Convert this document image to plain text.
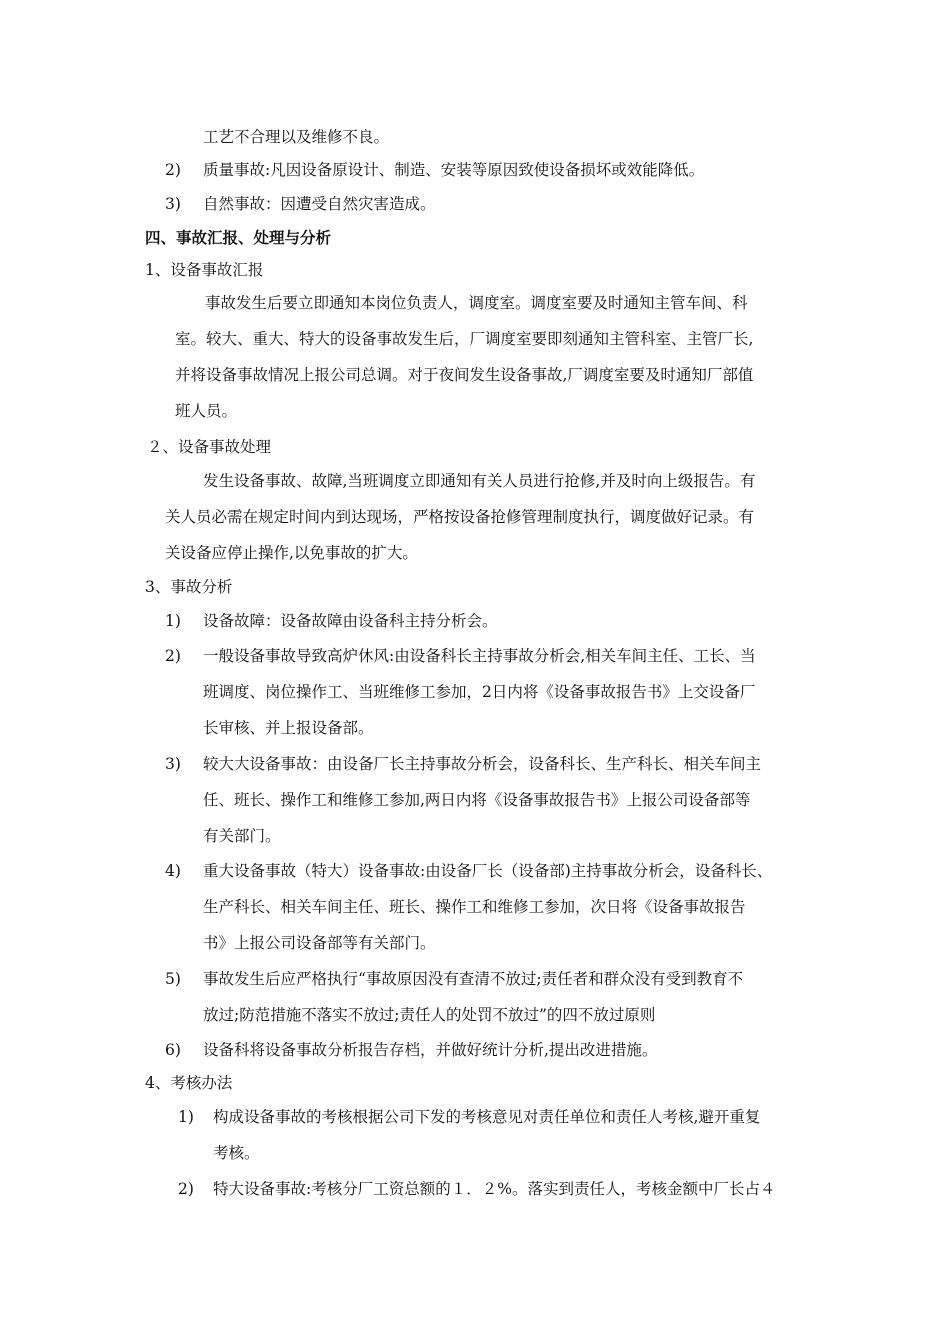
工艺不合理以及维修不良。
2) 质量事故:凡因设备原设计、制造、安装等原因致使设备损坏或效能降低。
3) 自然事故：因遭受自然灾害造成。
四、事故汇报、处理与分析
1、设备事故汇报
事故发生后要立即通知本岗位负责人，调度室。调度室要及时通知主管车间、科
室。较大、重大、特大的设备事故发生后，厂调度室要即刻通知主管科室、主管厂长,
并将设备事故情况上报公司总调。对于夜间发生设备事故,厂调度室要及时通知厂部值
班人员。
２、设备事故处理
发生设备事故、故障,当班调度立即通知有关人员进行抢修,并及时向上级报告。有
关人员必需在规定时间内到达现场，严格按设备抢修管理制度执行，调度做好记录。有
关设备应停止操作,以免事故的扩大。
3、事故分析
1) 设备故障：设备故障由设备科主持分析会。
2) 一般设备事故导致高炉休风:由设备科长主持事故分析会,相关车间主任、工长、当
班调度、岗位操作工、当班维修工参加，2日内将《设备事故报告书》上交设备厂
长审核、并上报设备部。
3) 较大大设备事故：由设备厂长主持事故分析会，设备科长、生产科长、相关车间主
任、班长、操作工和维修工参加,两日内将《设备事故报告书》上报公司设备部等
有关部门。
4) 重大设备事故（特大）设备事故:由设备厂长（设备部)主持事故分析会，设备科长、
生产科长、相关车间主任、班长、操作工和维修工参加，次日将《设备事故报告
书》上报公司设备部等有关部门。
5) 事故发生后应严格执行“事故原因没有查清不放过;责任者和群众没有受到教育不
放过;防范措施不落实不放过;责任人的处罚不放过”的四不放过原则
6) 设备科将设备事故分析报告存档，并做好统计分析,提出改进措施。
4、考核办法
1) 构成设备事故的考核根据公司下发的考核意见对责任单位和责任人考核,避开重复
考核。
2) 特大设备事故:考核分厂工资总额的１．２%。落实到责任人，考核金额中厂长占４
